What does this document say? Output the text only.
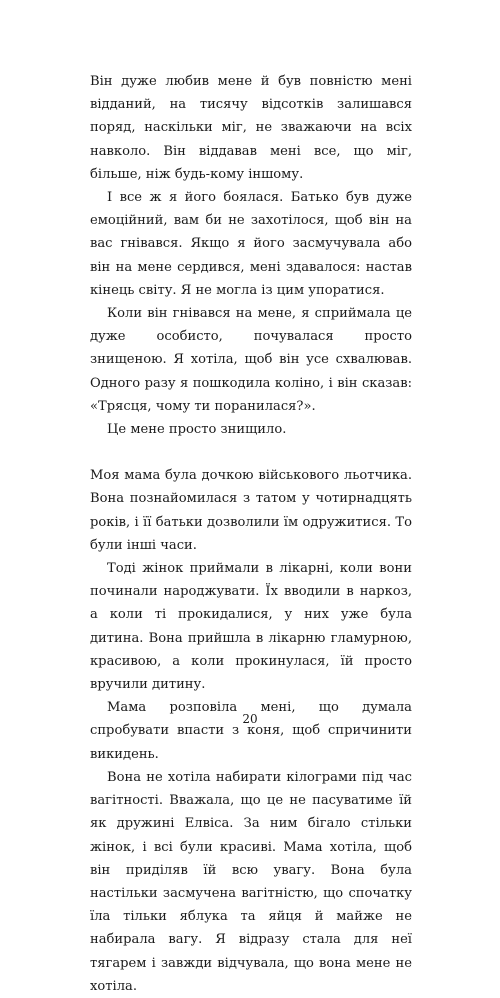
Він дуже любив мене й був повністю мені відданий, на тисячу відсотків залишався поряд, наскільки міг, не зважаючи на всіх навколо. Він віддавав мені все, що міг, більше, ніж будь-кому іншому.

І все ж я його боялася. Батько був дуже емоційний, вам би не захотілося, щоб він на вас гнівався. Якщо я його засмучувала або він на мене сердився, мені здавалося: настав кінець світу. Я не могла із цим упоратися.

Коли він гнівався на мене, я сприймала це дуже особисто, почувалася просто знищеною. Я хотіла, щоб він усе схвалював. Одного разу я пошкодила коліно, і він сказав: «Трясця, чому ти поранилася?».

Це мене просто знищило.

Моя мама була дочкою військового льотчика. Вона познайомилася з татом у чотирнадцять років, і її батьки дозволили їм одружитися. То були інші часи.

Тоді жінок приймали в лікарні, коли вони починали народжувати. Їх вводили в наркоз, а коли ті прокидалися, у них уже була дитина. Вона прийшла в лікарню гламурною, красивою, а коли прокинулася, їй просто вручили дитину.

Мама розповіла мені, що думала спробувати впасти з коня, щоб спричинити викидень.

Вона не хотіла набирати кілограми під час вагітності. Вважала, що це не пасуватиме їй як дружині Елвіса. За ним бігало стільки жінок, і всі були красиві. Мама хотіла, щоб він приділяв їй всю увагу. Вона була настільки засмучена вагітністю, що спочатку їла тільки яблука та яйця й майже не набирала вагу. Я відразу стала для неї тягарем і завжди відчувала, що вона мене не хотіла.

20
